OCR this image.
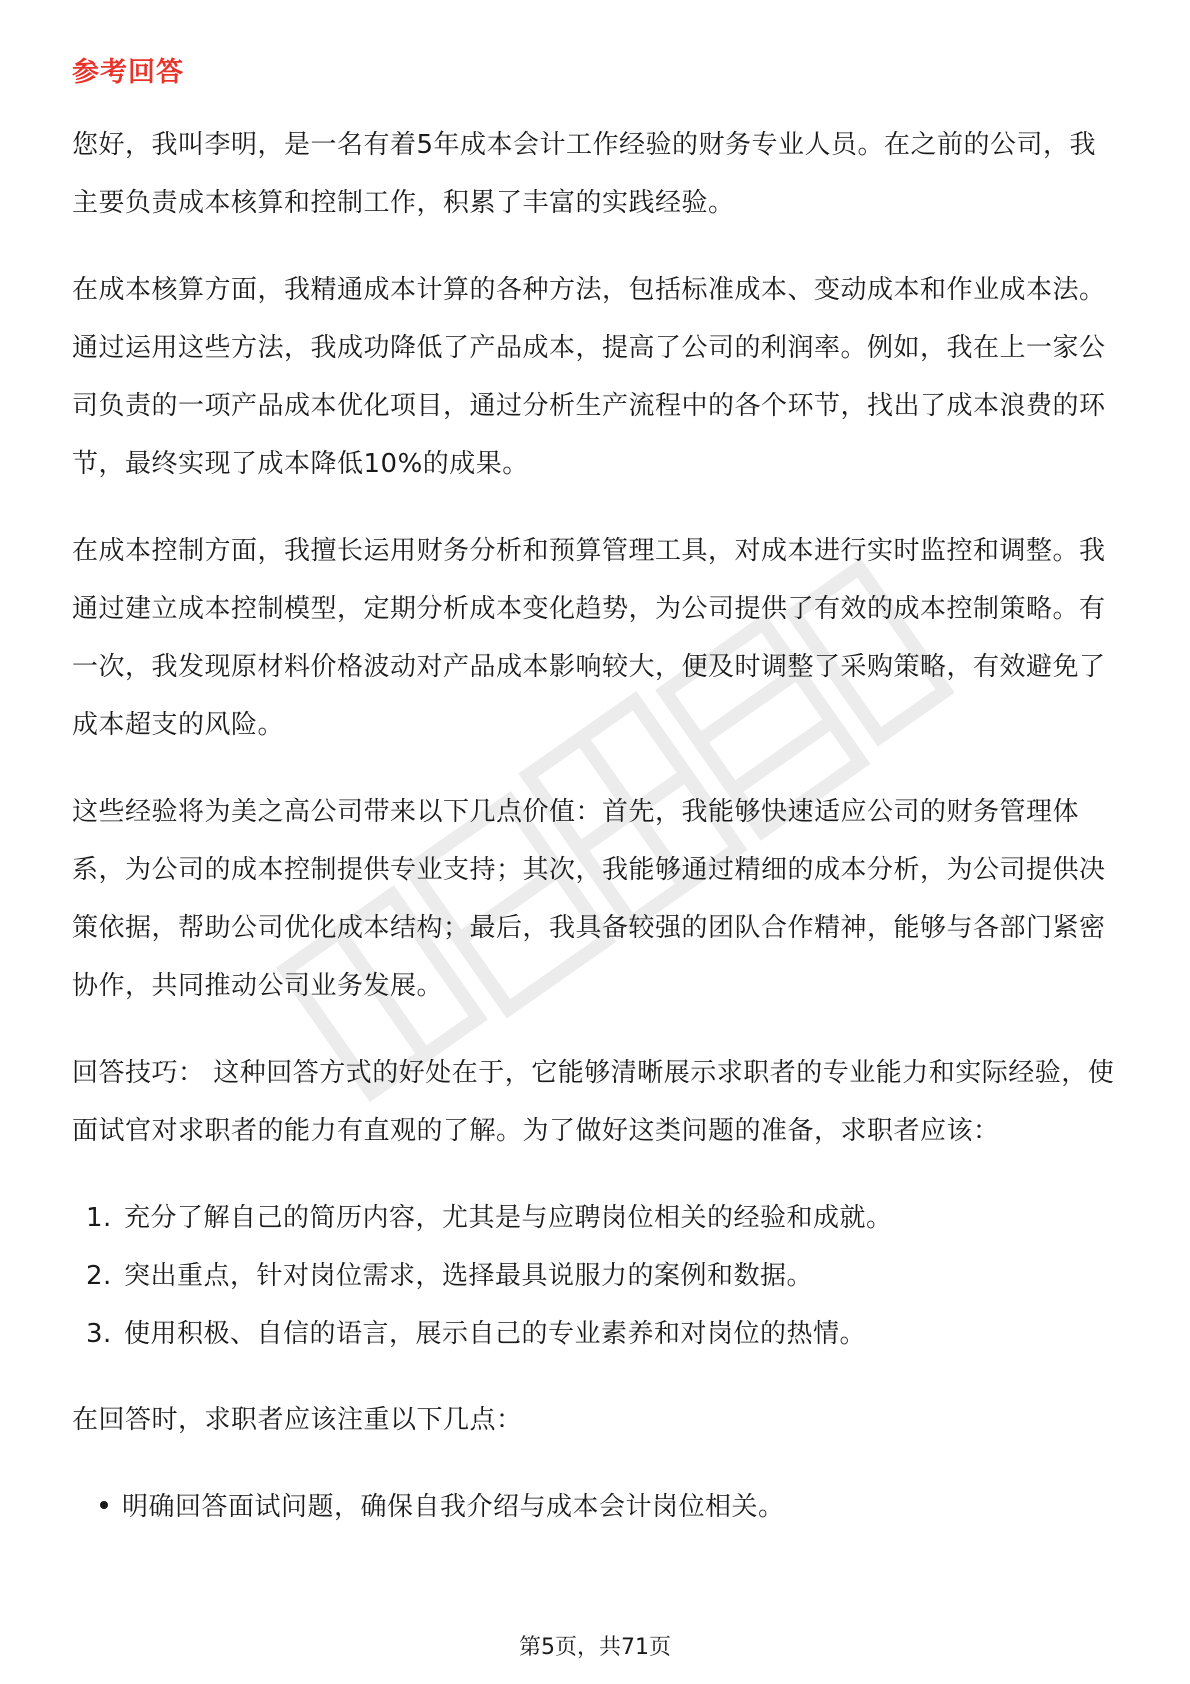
参考回答

您好，我叫李明，是一名有着5年成本会计工作经验的财务专业人员。在之前的公司，我主要负责成本核算和控制工作，积累了丰富的实践经验。

在成本核算方面，我精通成本计算的各种方法，包括标准成本、变动成本和作业成本法。通过运用这些方法，我成功降低了产品成本，提高了公司的利润率。例如，我在上一家公司负责的一项产品成本优化项目，通过分析生产流程中的各个环节，找出了成本浪费的环节，最终实现了成本降低10%的成果。

在成本控制方面，我擅长运用财务分析和预算管理工具，对成本进行实时监控和调整。我通过建立成本控制模型，定期分析成本变化趋势，为公司提供了有效的成本控制策略。有一次，我发现原材料价格波动对产品成本影响较大，便及时调整了采购策略，有效避免了成本超支的风险。

这些经验将为美之高公司带来以下几点价值：首先，我能够快速适应公司的财务管理体系，为公司的成本控制提供专业支持；其次，我能够通过精细的成本分析，为公司提供决策依据，帮助公司优化成本结构；最后，我具备较强的团队合作精神，能够与各部门紧密协作，共同推动公司业务发展。

回答技巧： 这种回答方式的好处在于，它能够清晰展示求职者的专业能力和实际经验，使面试官对求职者的能力有直观的了解。为了做好这类问题的准备，求职者应该：

1. 充分了解自己的简历内容，尤其是与应聘岗位相关的经验和成就。
2. 突出重点，针对岗位需求，选择最具说服力的案例和数据。
3. 使用积极、自信的语言，展示自己的专业素养和对岗位的热情。

在回答时，求职者应该注重以下几点：

明确回答面试问题，确保自我介绍与成本会计岗位相关。
第5页，共71页
